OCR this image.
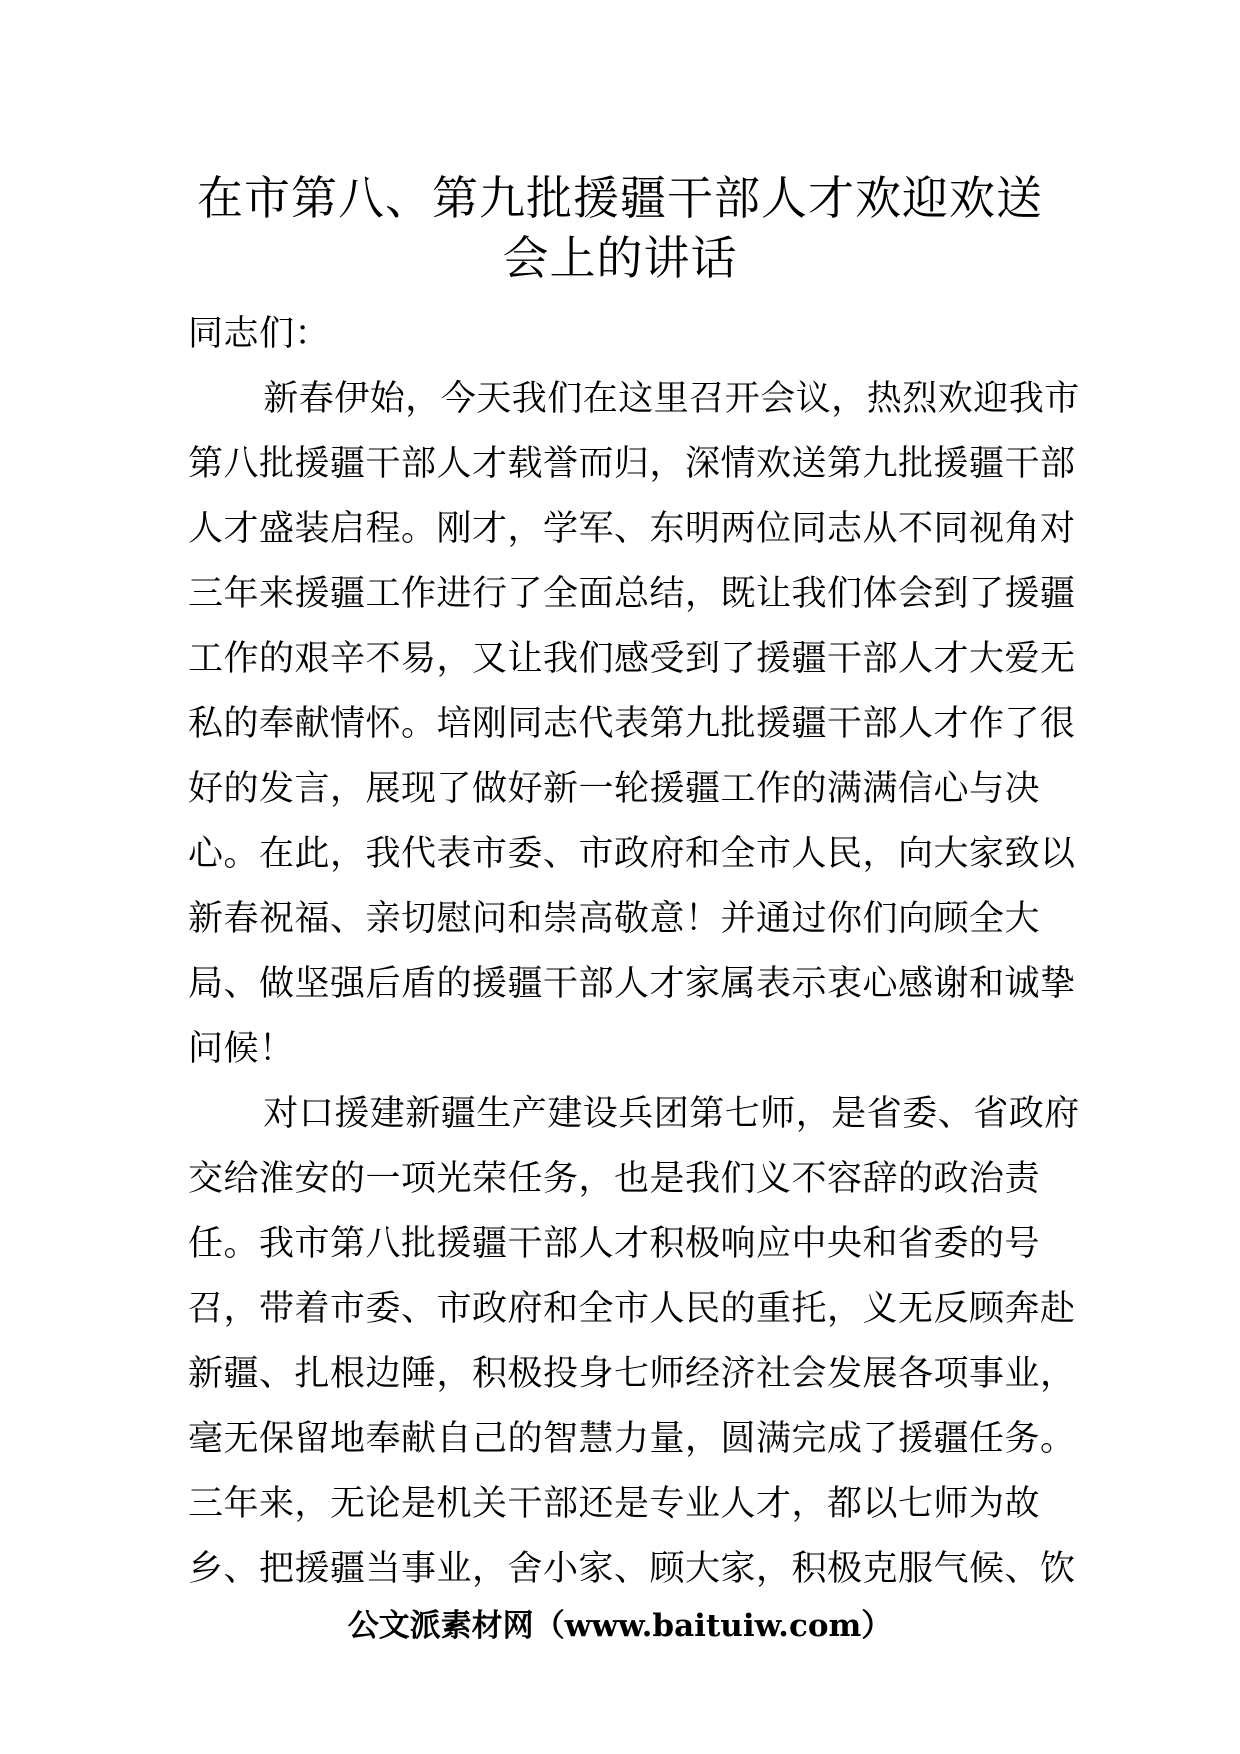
在市第八、第九批援疆干部人才欢迎欢送
会上的讲话
同志们：
新春伊始，今天我们在这里召开会议，热烈欢迎我市
第八批援疆干部人才载誉而归，深情欢送第九批援疆干部
人才盛装启程。刚才，学军、东明两位同志从不同视角对
三年来援疆工作进行了全面总结，既让我们体会到了援疆
工作的艰辛不易，又让我们感受到了援疆干部人才大爱无
私的奉献情怀。培刚同志代表第九批援疆干部人才作了很
好的发言，展现了做好新一轮援疆工作的满满信心与决
心。在此，我代表市委、市政府和全市人民，向大家致以
新春祝福、亲切慰问和崇高敬意！并通过你们向顾全大
局、做坚强后盾的援疆干部人才家属表示衷心感谢和诚挚
问候！
对口援建新疆生产建设兵团第七师，是省委、省政府
交给淮安的一项光荣任务，也是我们义不容辞的政治责
任。我市第八批援疆干部人才积极响应中央和省委的号
召，带着市委、市政府和全市人民的重托，义无反顾奔赴
新疆、扎根边陲，积极投身七师经济社会发展各项事业，
毫无保留地奉献自己的智慧力量，圆满完成了援疆任务。
三年来，无论是机关干部还是专业人才，都以七师为故
乡、把援疆当事业，舍小家、顾大家，积极克服气候、饮
公文派素材网（www.baituiw.com）
